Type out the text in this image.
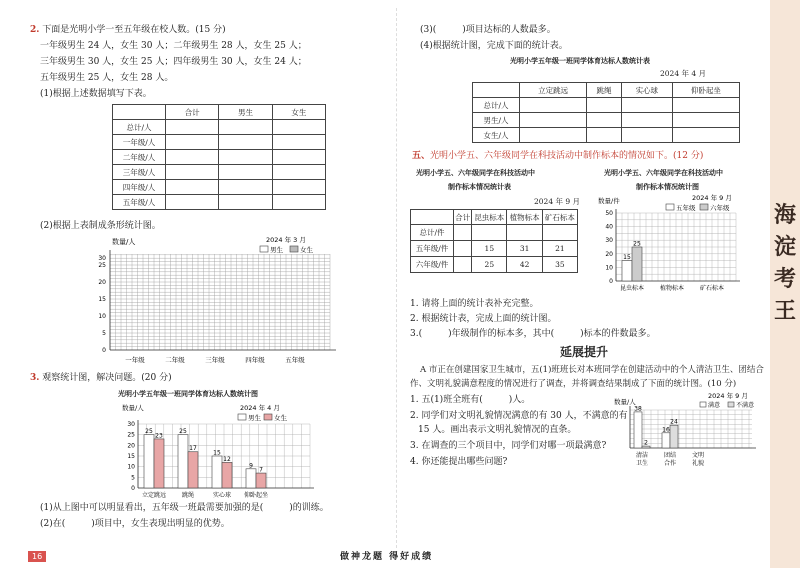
2. 下面是光明小学一至五年级在校人数。(15 分)
一年级男生 24 人，女生 30 人；二年级男生 28 人，女生 25 人；
三年级男生 30 人，女生 25 人；四年级男生 30 人，女生 24 人；
五年级男生 25 人，女生 28 人。
(1)根据上述数据填写下表。
	合计	男生	女生
总计/人			
一年级/人			
二年级/人			
三年级/人			
四年级/人			
五年级/人			
(2)根据上表制成条形统计图。
数量/人	2024 年 3 月
男生	女生
0
5
10
15
20
25
30
一年级	二年级	三年级	四年级	五年级
3. 观察统计图，解决问题。(20 分)
光明小学五年级一班同学体育达标人数统计图
数量/人	2024 年 4 月
男生 女生
0
5
10
15
20
25
30
25
23
立定跳远
25
17
跳绳
15
12
实心球
9
7
仰卧起坐
(1)从上图中可以明显看出，五年级一班最需要加强的是(	)的训练。
(2)在(	)项目中，女生表现出明显的优势。
(3)(	)项目达标的人数最多。
(4)根据统计图，完成下面的统计表。
光明小学五年级一班同学体育达标人数统计表
2024 年 4 月
	立定跳远	跳绳	实心球	仰卧起坐
总计/人				
男生/人				
女生/人				
五、光明小学五、六年级同学在科技活动中制作标本的情况如下。(12 分)
光明小学五、六年级同学在科技活动中
制作标本情况统计表
2024 年 9 月
	合计	昆虫标本	植物标本	矿石标本
总计/件				
五年级/件		15	31	21
六年级/件		25	42	35
光明小学五、六年级同学在科技活动中
制作标本情况统计图
数量/件	2024 年 9 月
五年级 六年级
0
10
20
30
40
50
15
25
昆虫标本	植物标本	矿石标本
1. 请将上面的统计表补充完整。
2. 根据统计表，完成上面的统计图。
3.(	)年级制作的标本多，其中(	)标本的件数最多。
延展提升
A 市正在创建国家卫生城市，五(1)班班长对本班同学在创建活动中的个人清洁卫生、团结合
作、文明礼貌满意程度的情况进行了调查，并将调查结果制成了下面的统计图。(10 分)
1. 五(1)班全班有(	)人。
2. 同学们对文明礼貌情况满意的有 30 人，不满意的有
15 人。画出表示文明礼貌情况的直条。
3. 在调查的三个项目中，同学们对哪一项最满意?
4. 你还能提出哪些问题?
数量/人
2024 年 9 月
满意	不满意
38
2
清洁
卫生
16
24
团结
合作
文明
礼貌
海淀考王
16	做神龙题 得好成绩
